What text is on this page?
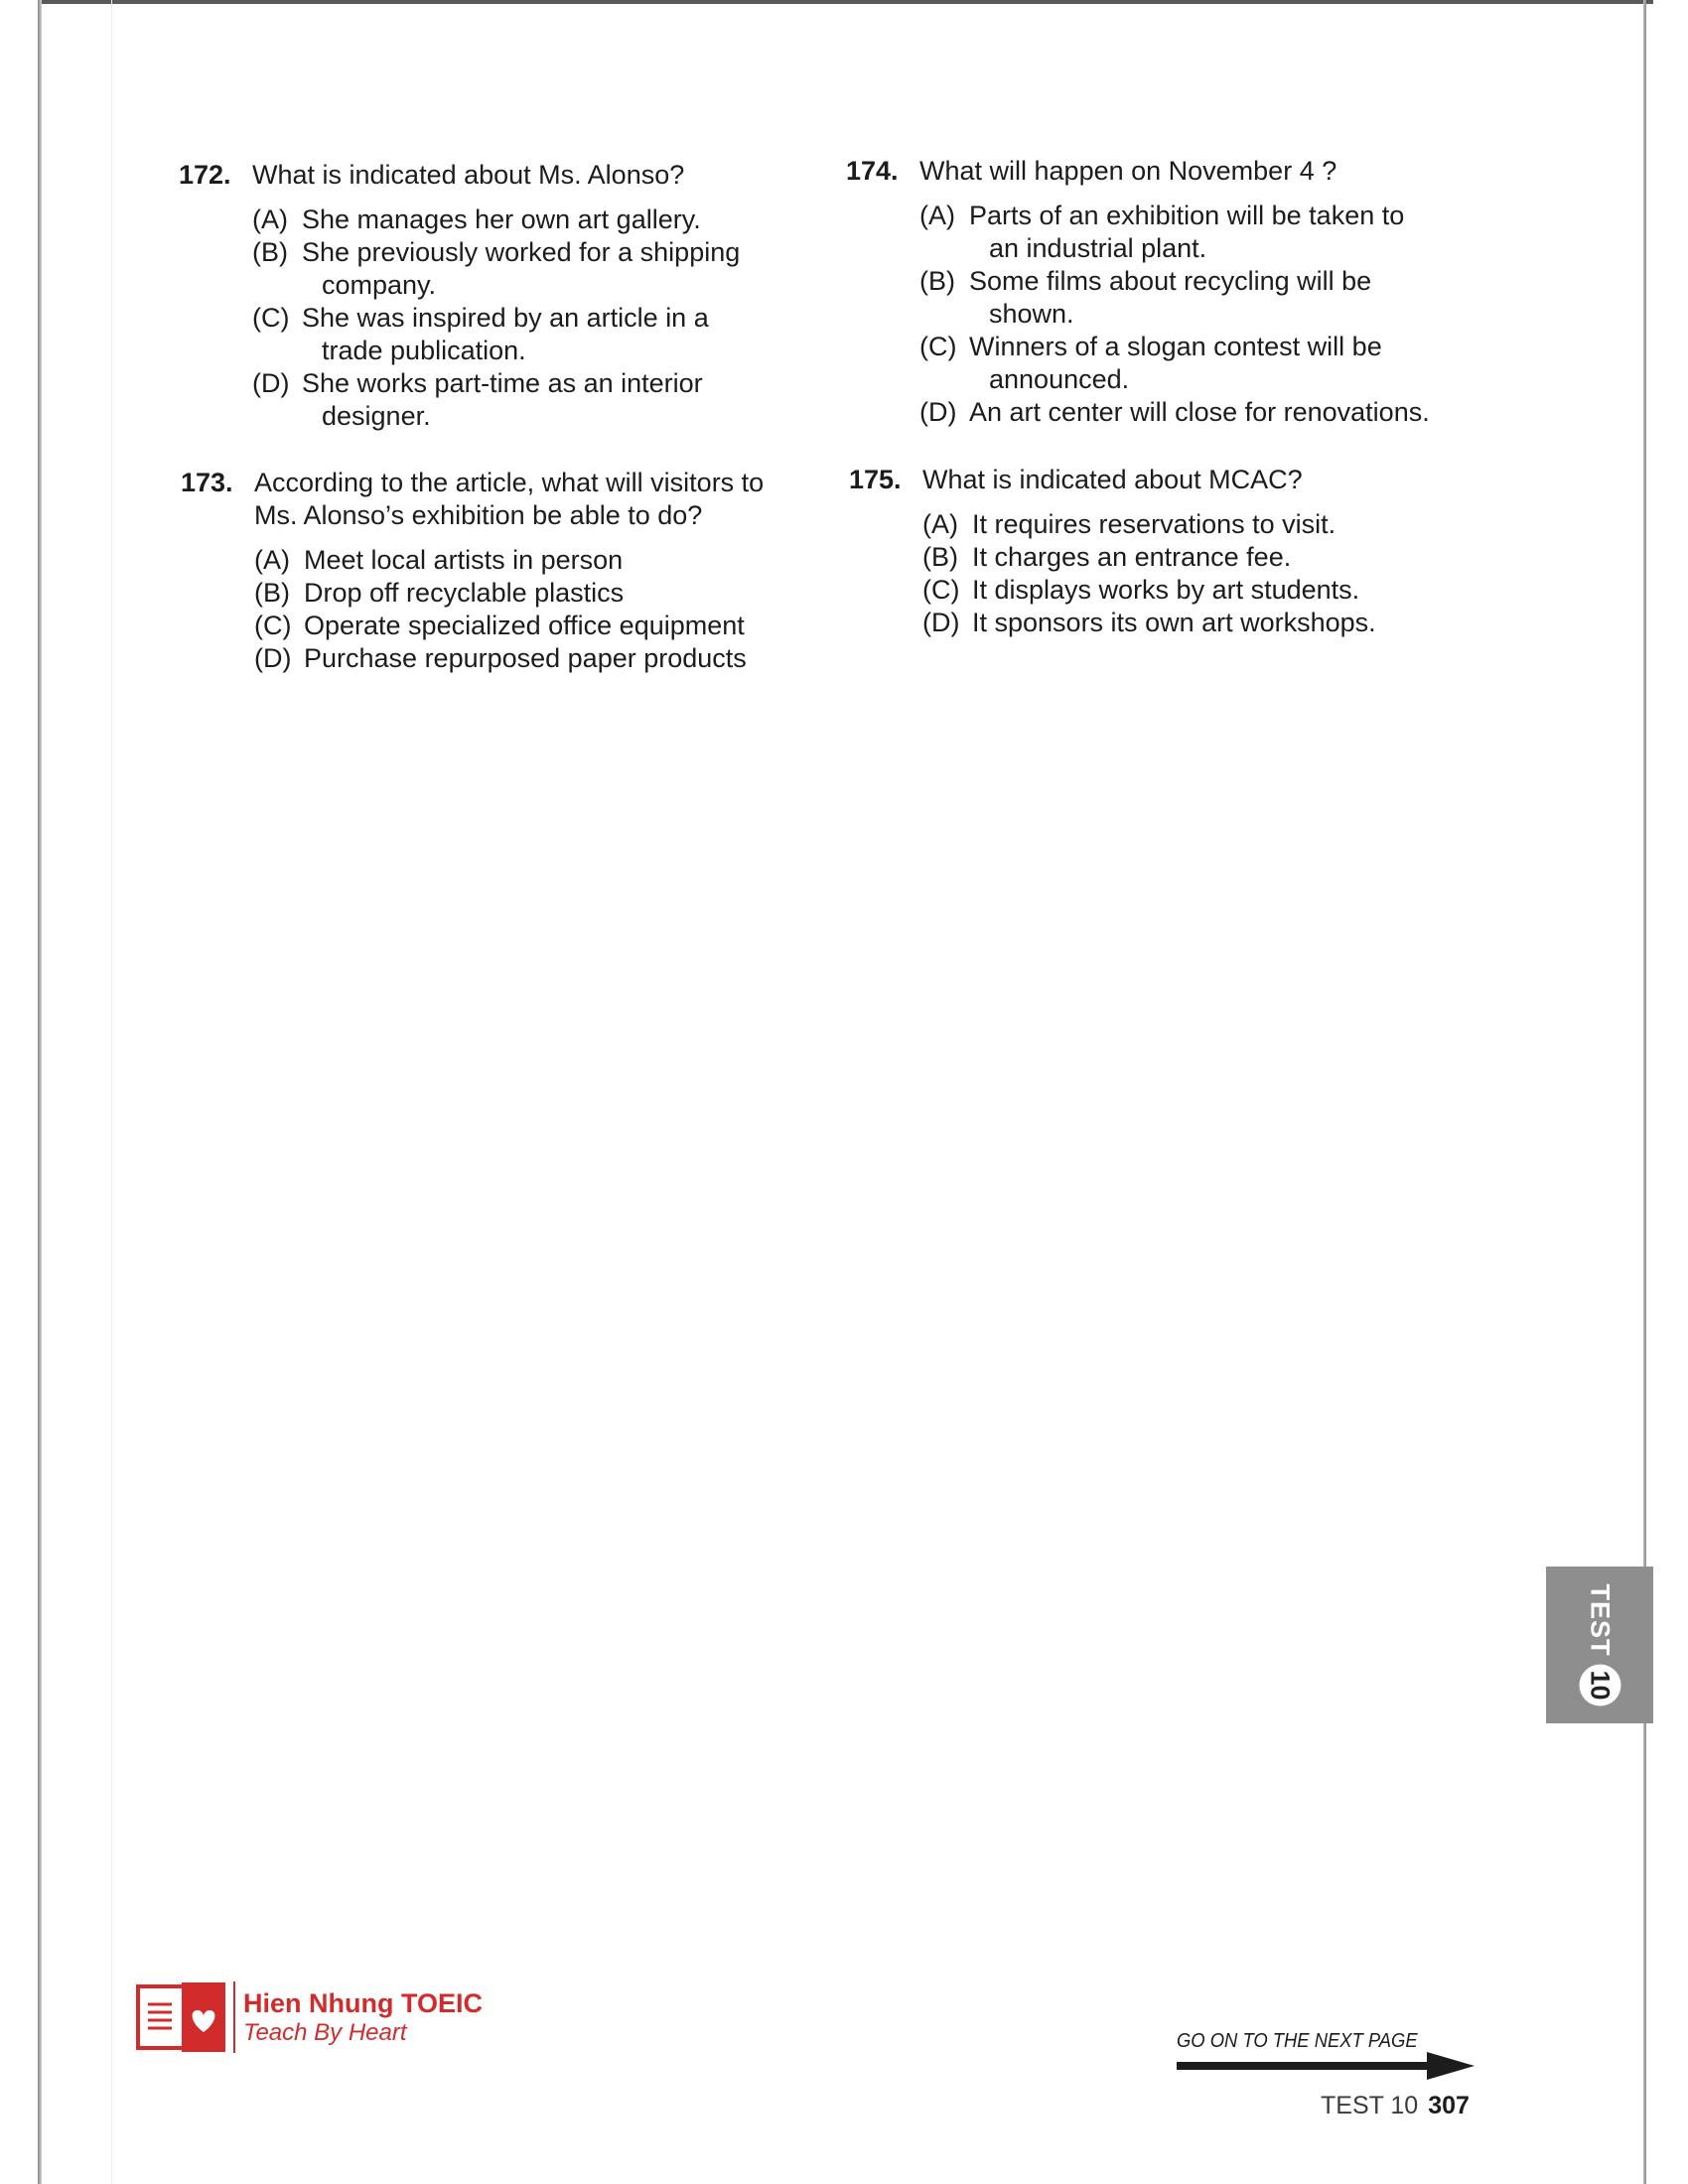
172. What is indicated about Ms. Alonso?
(A) She manages her own art gallery.
(B) She previously worked for a shipping
company.
(C) She was inspired by an article in a
trade publication.
(D) She works part-time as an interior
designer.
173. According to the article, what will visitors to Ms. Alonso’s exhibition be able to do?
(A) Meet local artists in person
(B) Drop off recyclable plastics
(C) Operate specialized office equipment
(D) Purchase repurposed paper products
174. What will happen on November 4 ?
(A) Parts of an exhibition will be taken to
an industrial plant.
(B) Some films about recycling will be
shown.
(C) Winners of a slogan contest will be
announced.
(D) An art center will close for renovations.
175. What is indicated about MCAC?
(A) It requires reservations to visit.
(B) It charges an entrance fee.
(C) It displays works by art students.
(D) It sponsors its own art workshops.
TEST
10
Hien Nhung TOEIC
Teach By Heart	GO ON TO THE NEXT PAGE
TEST 10 307
